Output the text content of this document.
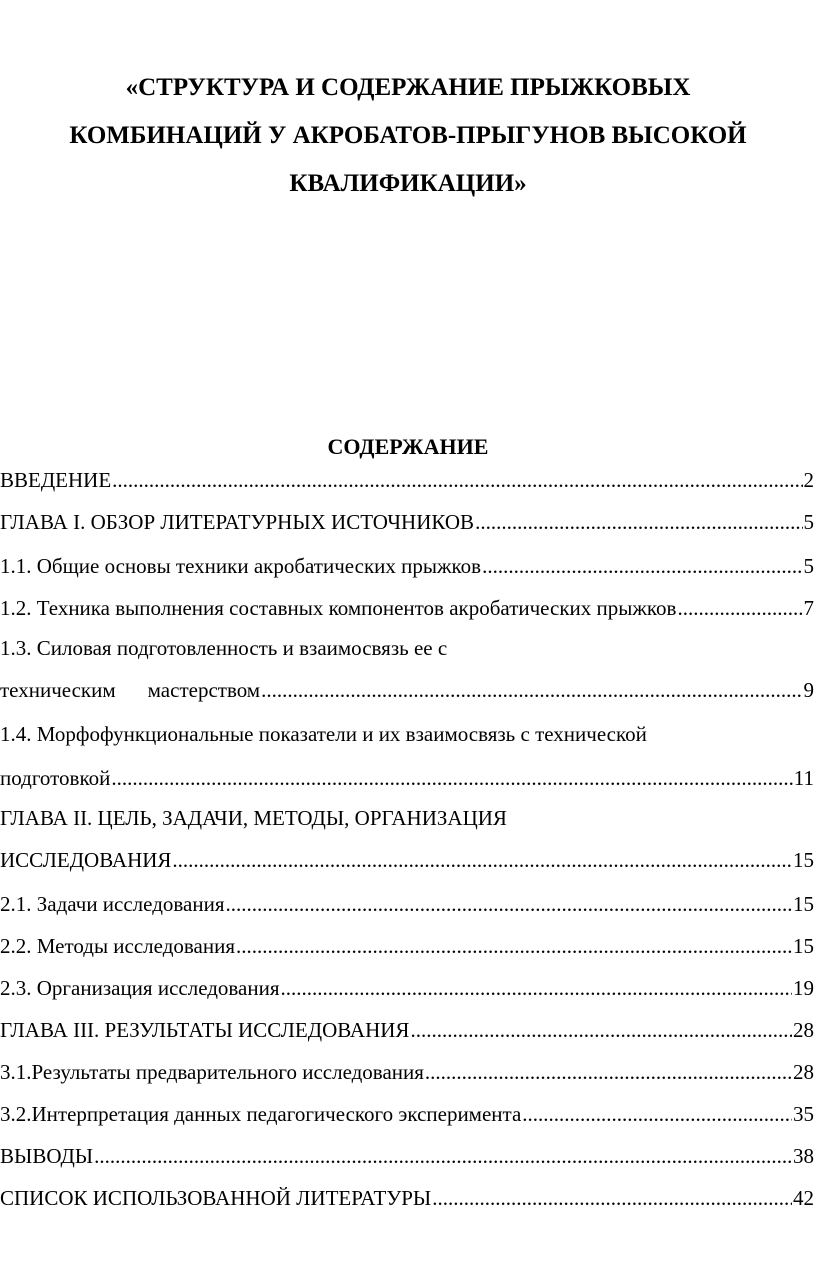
«СТРУКТУРА И СОДЕРЖАНИЕ ПРЫЖКОВЫХ
КОМБИНАЦИЙ У АКРОБАТОВ-ПРЫГУНОВ ВЫСОКОЙ
КВАЛИФИКАЦИИ»
СОДЕРЖАНИЕ
ВВЕДЕНИЕ .....	2
ГЛАВА I. ОБЗОР ЛИТЕРАТУРНЫХ ИСТОЧНИКОВ .....	5
1.1. Общие основы техники акробатических прыжков .....	5
1.2. Техника выполнения составных компонентов акробатических прыжков .....	7
1.3. Силовая подготовленность и взаимосвязь ее с
техническим мастерством .....	9
1.4. Морфофункциональные показатели и их взаимосвязь с технической
подготовкой .....	11
ГЛАВА II. ЦЕЛЬ, ЗАДАЧИ, МЕТОДЫ, ОРГАНИЗАЦИЯ
ИССЛЕДОВАНИЯ .....	15
2.1. Задачи исследования .....	15
2.2. Методы исследования .....	15
2.3. Организация исследования .....	19
ГЛАВА III. РЕЗУЛЬТАТЫ ИССЛЕДОВАНИЯ .....	28
3.1.Результаты предварительного исследования .....	28
3.2.Интерпретация данных педагогического эксперимента .....	35
ВЫВОДЫ .....	38
СПИСОК ИСПОЛЬЗОВАННОЙ ЛИТЕРАТУРЫ .....	42
